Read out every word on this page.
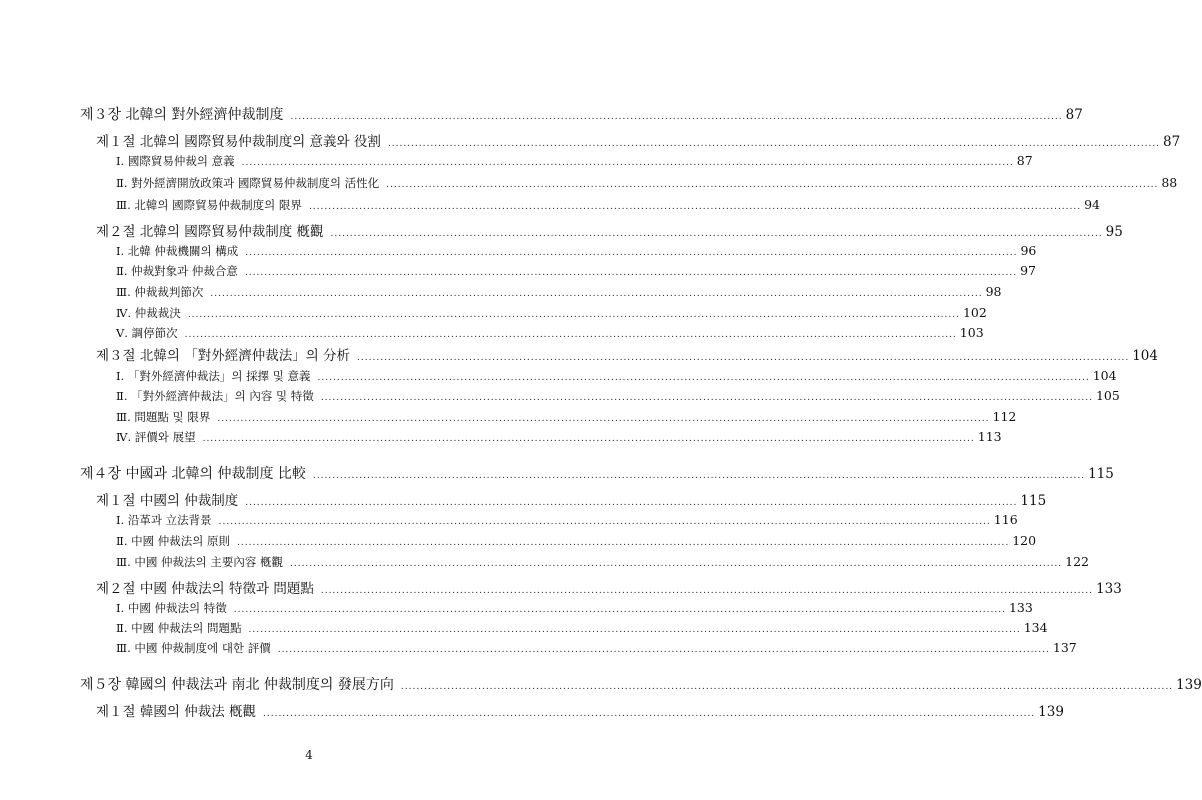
제３장 北韓의 對外經濟仲裁制度 ........................................................................................................................................................................................................ 87
제１절 北韓의 國際貿易仲裁制度의 意義와 役割 ........................................................................................................................................................................................................ 87
Ⅰ. 國際貿易仲裁의 意義 ........................................................................................................................................................................................................ 87
Ⅱ. 對外經濟開放政策과 國際貿易仲裁制度의 活性化 ........................................................................................................................................................................................................ 88
Ⅲ. 北韓의 國際貿易仲裁制度의 限界 ........................................................................................................................................................................................................ 94
제２절 北韓의 國際貿易仲裁制度 槪觀 ........................................................................................................................................................................................................ 95
Ⅰ. 北韓 仲裁機關의 構成 ........................................................................................................................................................................................................ 96
Ⅱ. 仲裁對象과 仲裁合意 ........................................................................................................................................................................................................ 97
Ⅲ. 仲裁裁判節次 ........................................................................................................................................................................................................ 98
Ⅳ. 仲裁裁決 ........................................................................................................................................................................................................ 102
Ⅴ. 調停節次 ........................................................................................................................................................................................................ 103
제３절 北韓의 「對外經濟仲裁法」의 分析 ........................................................................................................................................................................................................ 104
Ⅰ. 「對外經濟仲裁法」의 採擇 및 意義 ........................................................................................................................................................................................................ 104
Ⅱ. 「對外經濟仲裁法」의 內容 및 特徵 ........................................................................................................................................................................................................ 105
Ⅲ. 問題點 및 限界 ........................................................................................................................................................................................................ 112
Ⅳ. 評價와 展望 ........................................................................................................................................................................................................ 113
제４장 中國과 北韓의 仲裁制度 比較 ........................................................................................................................................................................................................ 115
제１절 中國의 仲裁制度 ........................................................................................................................................................................................................ 115
Ⅰ. 沿革과 立法背景 ........................................................................................................................................................................................................ 116
Ⅱ. 中國 仲裁法의 原則 ........................................................................................................................................................................................................ 120
Ⅲ. 中國 仲裁法의 主要內容 槪觀 ........................................................................................................................................................................................................ 122
제２절 中國 仲裁法의 特徵과 問題點 ........................................................................................................................................................................................................ 133
Ⅰ. 中國 仲裁法의 特徵 ........................................................................................................................................................................................................ 133
Ⅱ. 中國 仲裁法의 問題點 ........................................................................................................................................................................................................ 134
Ⅲ. 中國 仲裁制度에 대한 評價 ........................................................................................................................................................................................................ 137
제５장 韓國의 仲裁法과 南北 仲裁制度의 發展方向 ........................................................................................................................................................................................................ 139
제１절 韓國의 仲裁法 槪觀 ........................................................................................................................................................................................................ 139
4
